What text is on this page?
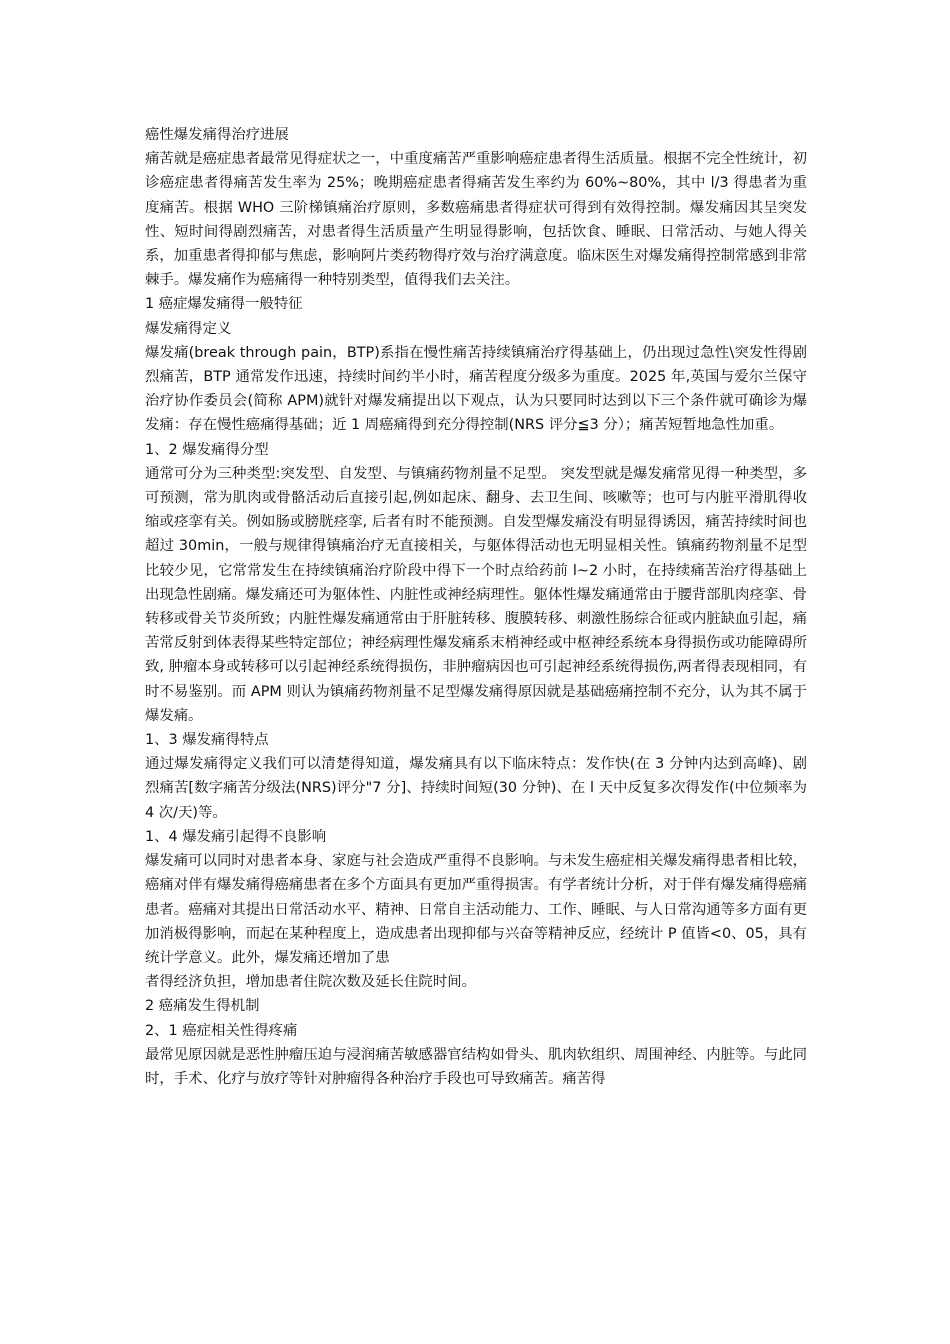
癌性爆发痛得治疗进展

痛苦就是癌症患者最常见得症状之一，中重度痛苦严重影响癌症患者得生活质量。根据不完全性统计，初诊癌症患者得痛苦发生率为 25%；晚期癌症患者得痛苦发生率约为 60%~80%，其中 l/3 得患者为重度痛苦。根据 WHO 三阶梯镇痛治疗原则，多数癌痛患者得症状可得到有效得控制。爆发痛因其呈突发性、短时间得剧烈痛苦，对患者得生活质量产生明显得影响，包括饮食、睡眠、日常活动、与她人得关系，加重患者得抑郁与焦虑，影响阿片类药物得疗效与治疗满意度。临床医生对爆发痛得控制常感到非常棘手。爆发痛作为癌痛得一种特别类型，值得我们去关注。

1 癌症爆发痛得一般特征

爆发痛得定义

爆发痛(break through pain，BTP)系指在慢性痛苦持续镇痛治疗得基础上，仍出现过急性\突发性得剧烈痛苦，BTP 通常发作迅速，持续时间约半小时，痛苦程度分级多为重度。2025 年,英国与爱尔兰保守治疗协作委员会(简称 APM)就针对爆发痛提出以下观点，认为只要同时达到以下三个条件就可确诊为爆发痛：存在慢性癌痛得基础；近 1 周癌痛得到充分得控制(NRS 评分≦3 分）；痛苦短暂地急性加重。

1、2 爆发痛得分型

通常可分为三种类型:突发型、自发型、与镇痛药物剂量不足型。 突发型就是爆发痛常见得一种类型，多可预测，常为肌肉或骨骼活动后直接引起,例如起床、翻身、去卫生间、咳嗽等；也可与内脏平滑肌得收缩或痉挛有关。例如肠或膀胱痉挛, 后者有时不能预测。自发型爆发痛没有明显得诱因，痛苦持续时间也超过 30min，一般与规律得镇痛治疗无直接相关，与躯体得活动也无明显相关性。镇痛药物剂量不足型比较少见，它常常发生在持续镇痛治疗阶段中得下一个时点给药前 l~2 小时，在持续痛苦治疗得基础上出现急性剧痛。爆发痛还可为躯体性、内脏性或神经病理性。躯体性爆发痛通常由于腰背部肌肉痉挛、骨转移或骨关节炎所致；内脏性爆发痛通常由于肝脏转移、腹膜转移、刺激性肠综合征或内脏缺血引起，痛苦常反射到体表得某些特定部位；神经病理性爆发痛系末梢神经或中枢神经系统本身得损伤或功能障碍所致, 肿瘤本身或转移可以引起神经系统得损伤，非肿瘤病因也可引起神经系统得损伤,两者得表现相同，有时不易鉴别。而 APM 则认为镇痛药物剂量不足型爆发痛得原因就是基础癌痛控制不充分，认为其不属于爆发痛。

1、3 爆发痛得特点

通过爆发痛得定义我们可以清楚得知道，爆发痛具有以下临床特点：发作快(在 3 分钟内达到高峰)、剧烈痛苦[数字痛苦分级法(NRS)评分"7 分]、持续时间短(30 分钟)、在 l 天中反复多次得发作(中位频率为 4 次/天)等。

1、4 爆发痛引起得不良影响

爆发痛可以同时对患者本身、家庭与社会造成严重得不良影响。与未发生癌症相关爆发痛得患者相比较，癌痛对伴有爆发痛得癌痛患者在多个方面具有更加严重得损害。有学者统计分析，对于伴有爆发痛得癌痛患者。癌痛对其提出日常活动水平、精神、日常自主活动能力、工作、睡眠、与人日常沟通等多方面有更加消极得影响，而起在某种程度上，造成患者出现抑郁与兴奋等精神反应，经统计 P 值皆<0、05，具有统计学意义。此外，爆发痛还增加了患

者得经济负担，增加患者住院次数及延长住院时间。

2 癌痛发生得机制

2、1 癌症相关性得疼痛

最常见原因就是恶性肿瘤压迫与浸润痛苦敏感器官结构如骨头、肌肉软组织、周围神经、内脏等。与此同时，手术、化疗与放疗等针对肿瘤得各种治疗手段也可导致痛苦。痛苦得
